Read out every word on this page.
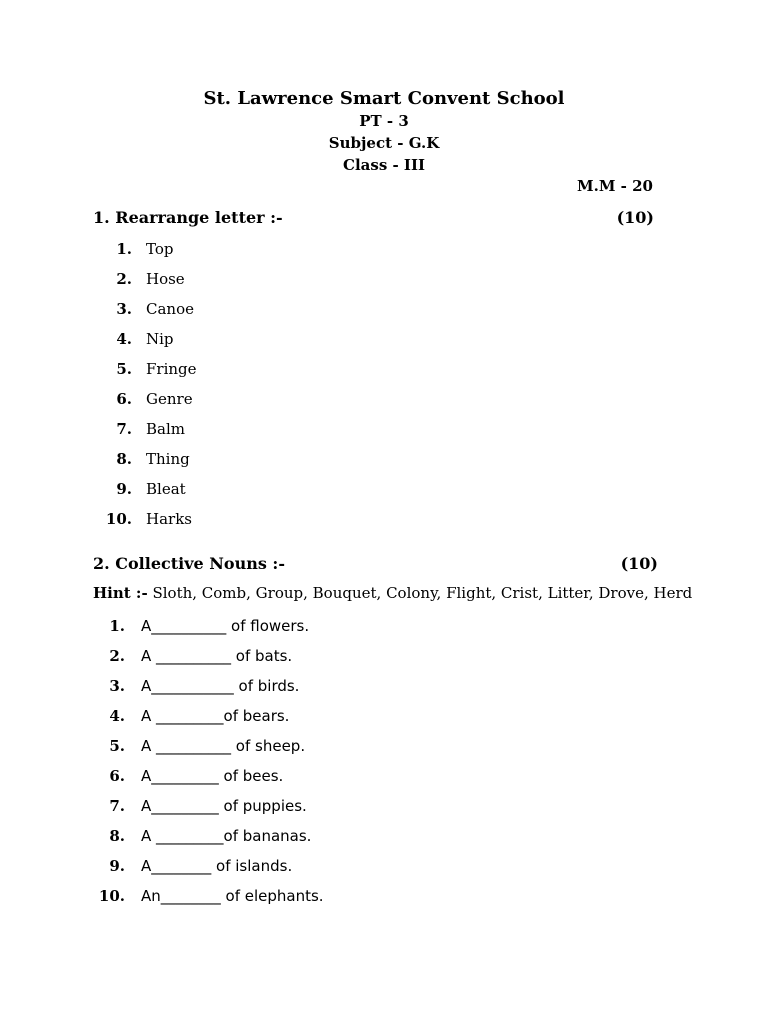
St. Lawrence Smart Convent School
PT - 3
Subject - G.K
Class - III
M.M - 20
1. Rearrange letter :-	(10)
1. Top
2. Hose
3. Canoe
4. Nip
5. Fringe
6. Genre
7. Balm
8. Thing
9. Bleat
10. Harks
2. Collective Nouns :-	(10)
Hint :- Sloth, Comb, Group, Bouquet, Colony, Flight, Crist, Litter, Drove, Herd
1. A__________ of flowers.
2. A __________ of bats.
3. A___________ of birds.
4. A _________of bears.
5. A __________ of sheep.
6. A_________ of bees.
7. A_________ of puppies.
8. A _________of bananas.
9. A________ of islands.
10. An________ of elephants.
